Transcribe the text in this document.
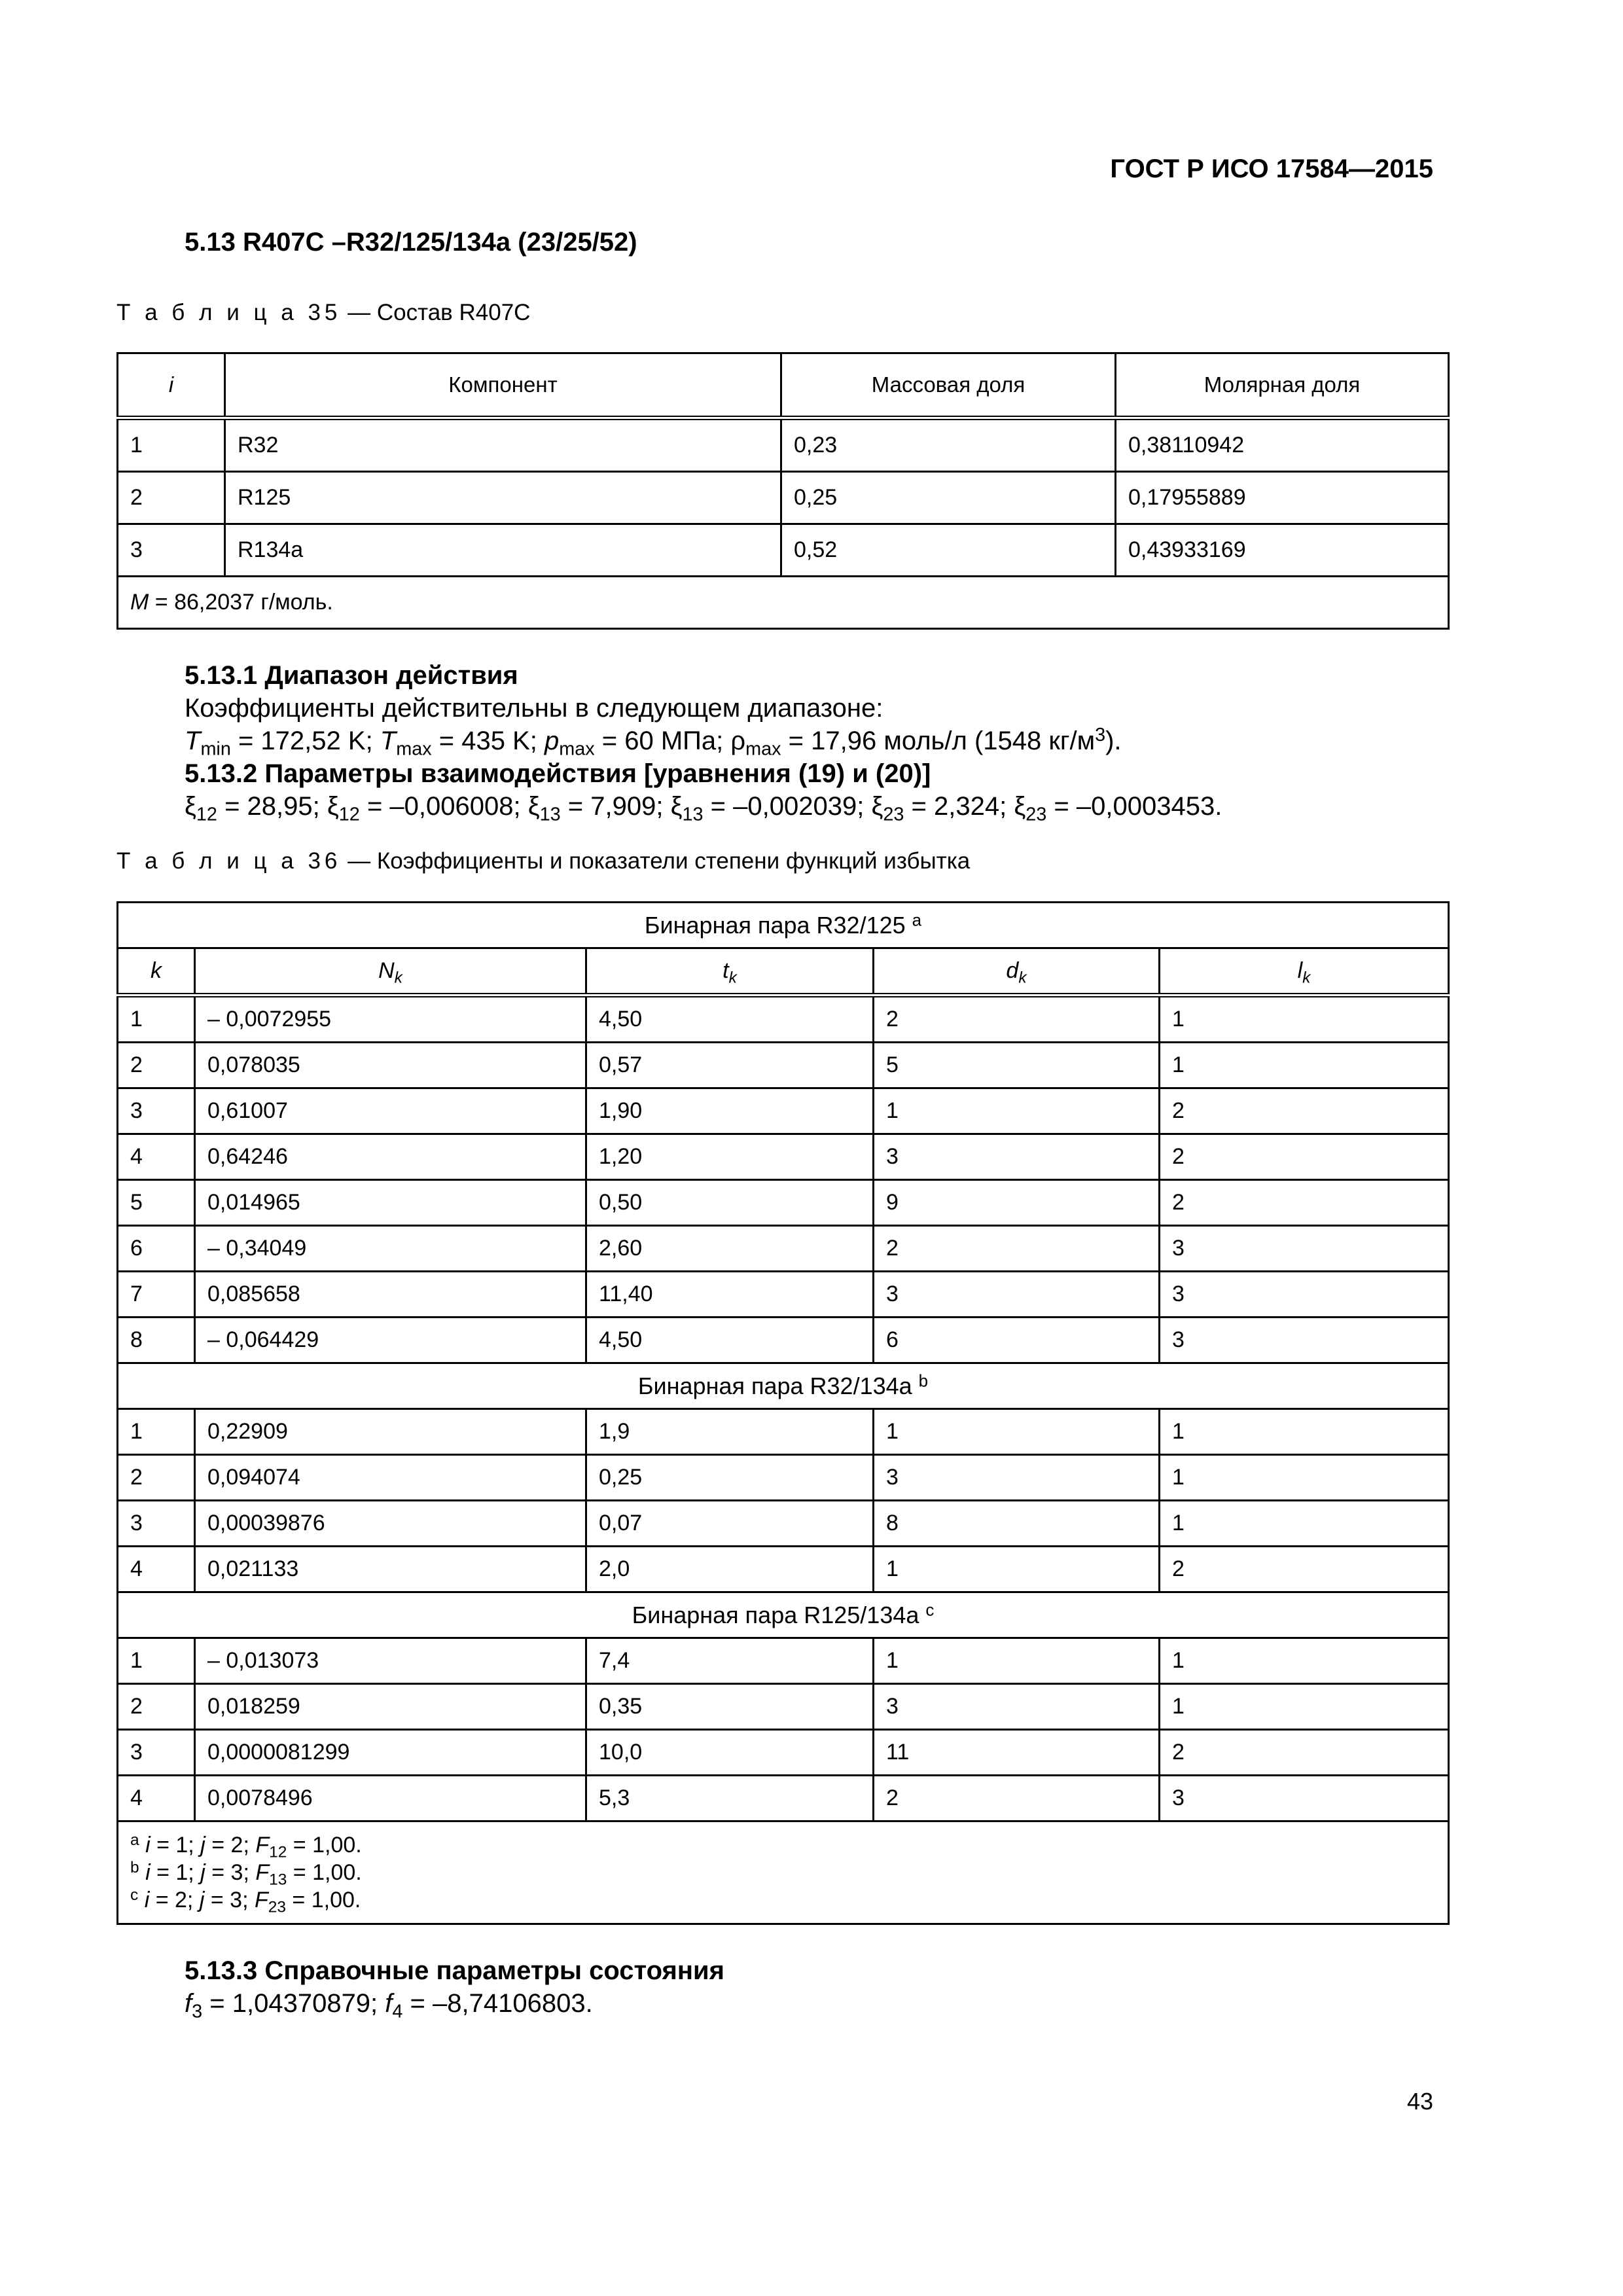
ГОСТ Р ИСО 17584—2015
5.13 R407C –R32/125/134a (23/25/52)
Т а б л и ц а 35 — Состав R407C
i	Компонент	Массовая доля	Молярная доля
1	R32	0,23	0,38110942
2	R125	0,25	0,17955889
3	R134a	0,52	0,43933169
M = 86,2037 г/моль.			
5.13.1 Диапазон действия
Коэффициенты действительны в следующем диапазоне:
$T_{min} = 172,52$ K; $T_{max} = 435$ K; $p_{max} = 60$ МПа; $\rho_{max} = 17,96$ моль/л (1548 $кг/м^3$).
5.13.2 Параметры взаимодействия [уравнения (19) и (20)]
$\xi_{12} = 28,95$; $\xi_{12} = -0,006008$; $\xi_{13} = 7,909$; $\xi_{13} = -0,002039$; $\xi_{23} = 2,324$; $\xi_{23} = -0,0003453$.
Т а б л и ц а 36 — Коэффициенты и показатели степени функций избытка
Бинарная пара R32/125 $^a$
k	$N_k$	$t_k$	$d_k$	$l_k$
1	– 0,0072955	4,50	2	1
2	0,078035	0,57	5	1
3	0,61007	1,90	1	2
4	0,64246	1,20	3	2
5	0,014965	0,50	9	2
6	– 0,34049	2,60	2	3
7	0,085658	11,40	3	3
8	– 0,064429	4,50	6	3
Бинарная пара R32/134a $^b$
1	0,22909	1,9	1	1
2	0,094074	0,25	3	1
3	0,00039876	0,07	8	1
4	0,021133	2,0	1	2
Бинарная пара R125/134a $^c$
1	– 0,013073	7,4	1	1
2	0,018259	0,35	3	1
3	0,0000081299	10,0	11	2
4	0,0078496	5,3	2	3

$^a$ i = 1; j = 2; $F_{12} = 1,00$.
$^b$ i = 1; j = 3; $F_{13} = 1,00$.
$^c$ i = 2; j = 3; $F_{23} = 1,00$.				
5.13.3 Справочные параметры состояния
$f_3 = 1,04370879$; $f_4 = -8,74106803$.
43
